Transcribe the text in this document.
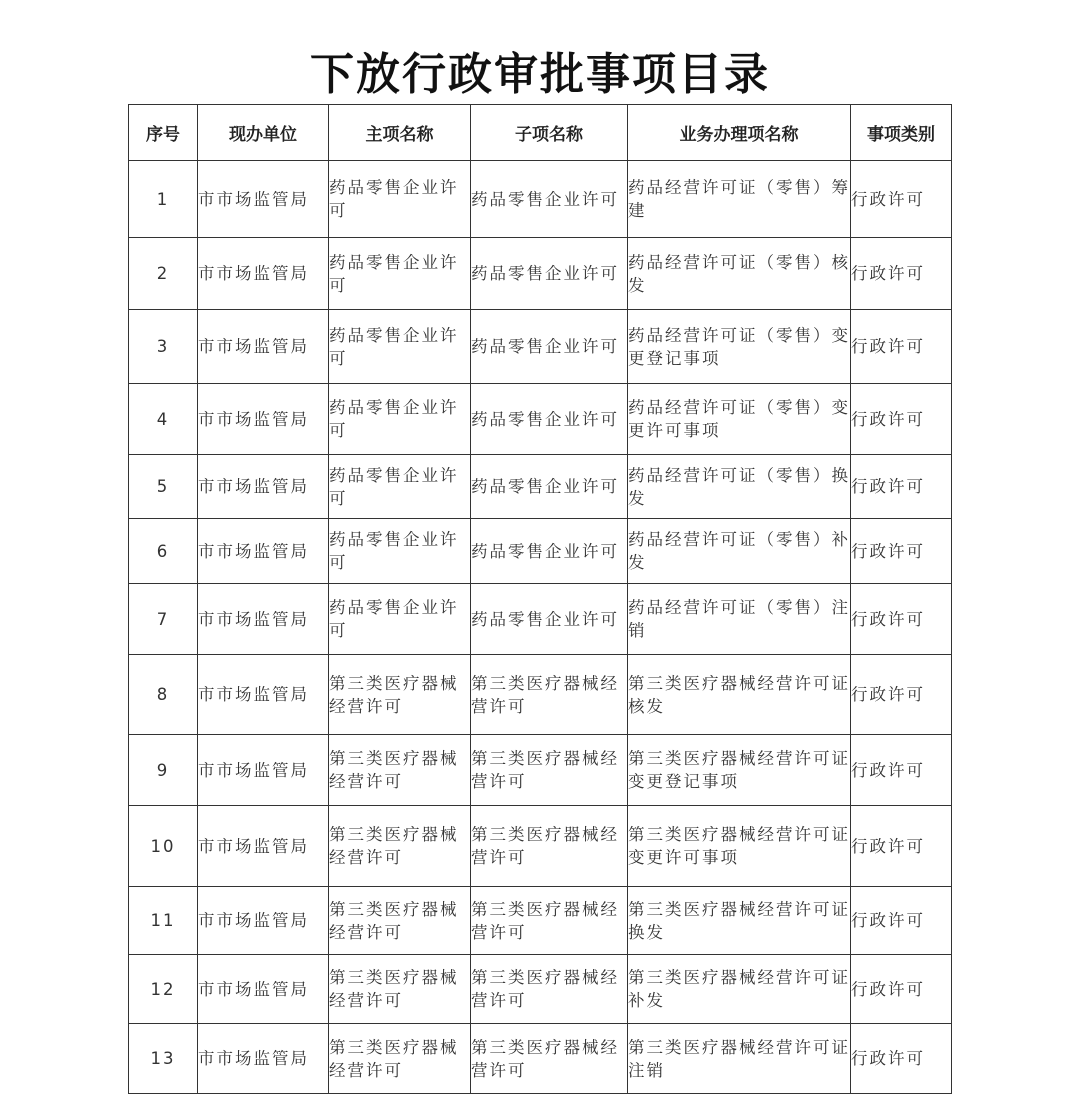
下放行政审批事项目录
序号	现办单位	主项名称	子项名称	业务办理项名称	事项类别
1	市市场监管局	药品零售企业许可	药品零售企业许可	药品经营许可证（零售）筹建	行政许可
2	市市场监管局	药品零售企业许可	药品零售企业许可	药品经营许可证（零售）核发	行政许可
3	市市场监管局	药品零售企业许可	药品零售企业许可	药品经营许可证（零售）变更登记事项	行政许可
4	市市场监管局	药品零售企业许可	药品零售企业许可	药品经营许可证（零售）变更许可事项	行政许可
5	市市场监管局	药品零售企业许可	药品零售企业许可	药品经营许可证（零售）换发	行政许可
6	市市场监管局	药品零售企业许可	药品零售企业许可	药品经营许可证（零售）补发	行政许可
7	市市场监管局	药品零售企业许可	药品零售企业许可	药品经营许可证（零售）注销	行政许可
8	市市场监管局	第三类医疗器械经营许可	第三类医疗器械经营许可	第三类医疗器械经营许可证核发	行政许可
9	市市场监管局	第三类医疗器械经营许可	第三类医疗器械经营许可	第三类医疗器械经营许可证变更登记事项	行政许可
10	市市场监管局	第三类医疗器械经营许可	第三类医疗器械经营许可	第三类医疗器械经营许可证变更许可事项	行政许可
11	市市场监管局	第三类医疗器械经营许可	第三类医疗器械经营许可	第三类医疗器械经营许可证换发	行政许可
12	市市场监管局	第三类医疗器械经营许可	第三类医疗器械经营许可	第三类医疗器械经营许可证补发	行政许可
13	市市场监管局	第三类医疗器械经营许可	第三类医疗器械经营许可	第三类医疗器械经营许可证注销	行政许可
